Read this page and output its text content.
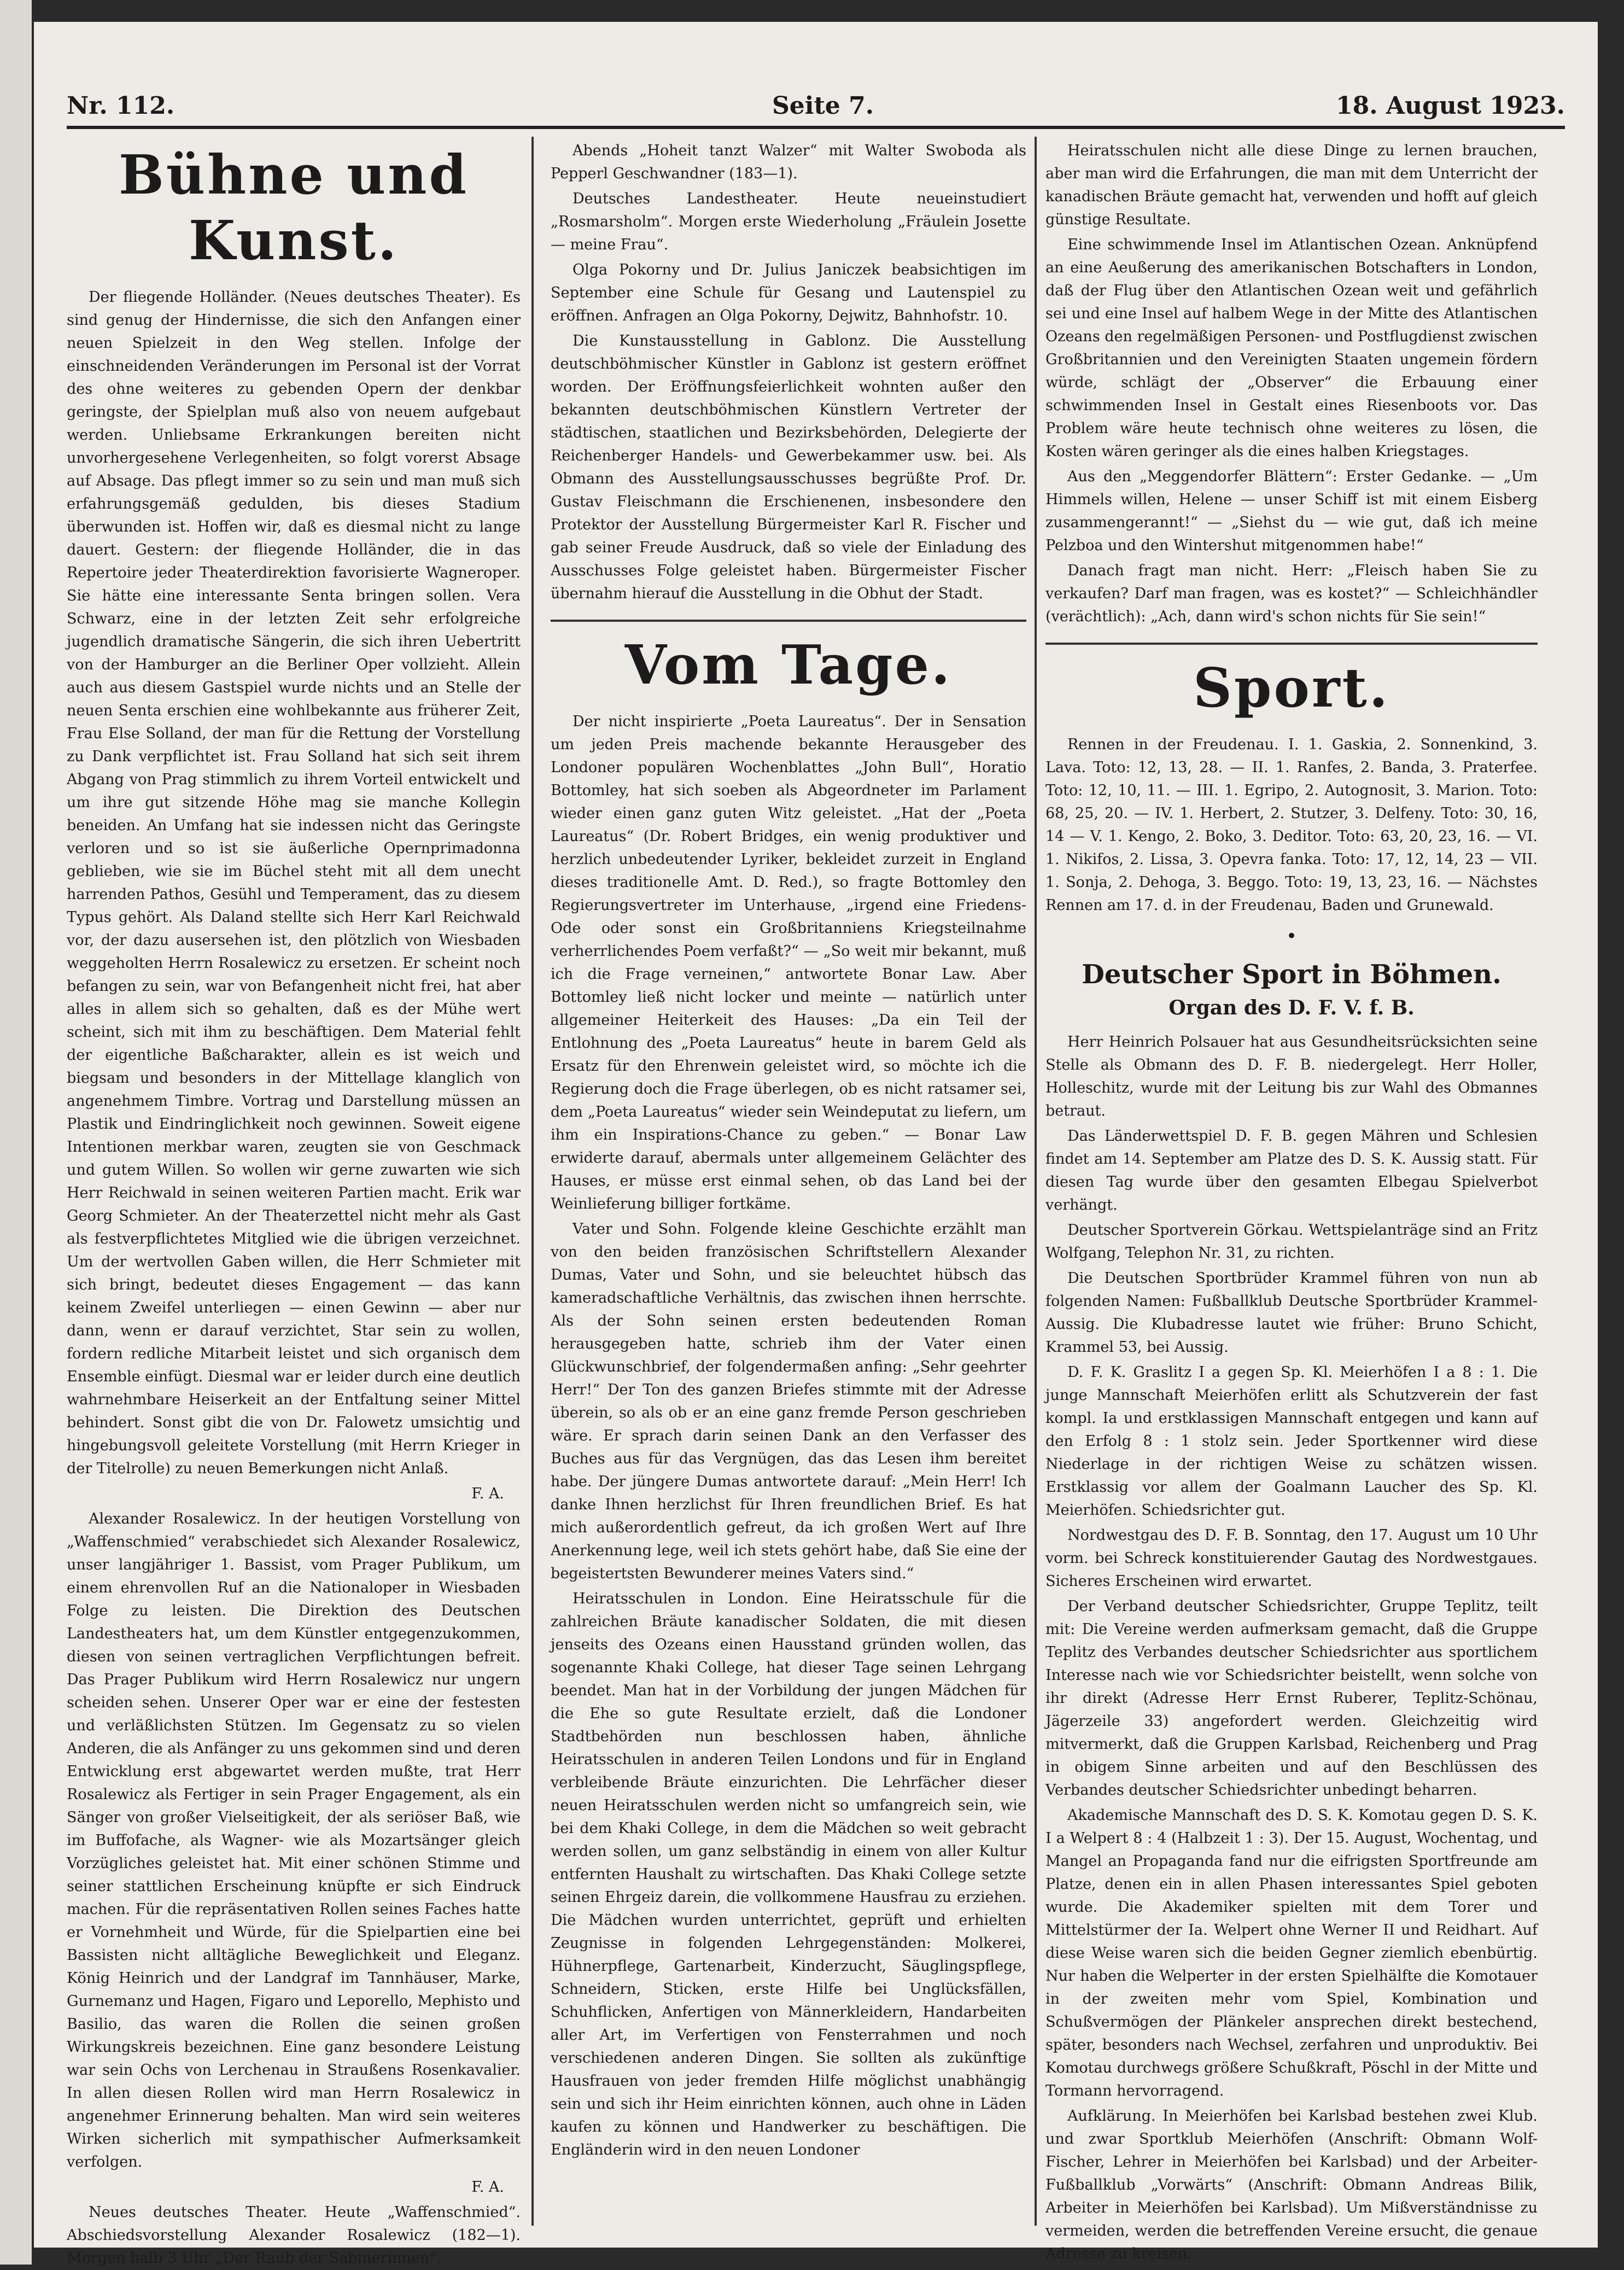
Nr. 112.	Seite 7.	18. August 1923.
Bühne und Kunst.

Der fliegende Holländer. (Neues deutsches Theater). Es sind genug der Hindernisse, die sich den Anfangen einer neuen Spielzeit in den Weg stellen. Infolge der einschneidenden Veränderungen im Personal ist der Vorrat des ohne weiteres zu gebenden Opern der denkbar geringste, der Spielplan muß also von neuem aufgebaut werden. Unliebsame Erkrankungen bereiten nicht unvorhergesehene Verlegenheiten, so folgt vorerst Absage auf Absage. Das pflegt immer so zu sein und man muß sich erfahrungsgemäß gedulden, bis dieses Stadium überwunden ist. Hoffen wir, daß es diesmal nicht zu lange dauert. Gestern: der fliegende Holländer, die in das Repertoire jeder Theaterdirektion favorisierte Wagneroper. Sie hätte eine interessante Senta bringen sollen. Vera Schwarz, eine in der letzten Zeit sehr erfolgreiche jugendlich dramatische Sängerin, die sich ihren Uebertritt von der Hamburger an die Berliner Oper vollzieht. Allein auch aus diesem Gastspiel wurde nichts und an Stelle der neuen Senta erschien eine wohlbekannte aus früherer Zeit, Frau Else Solland, der man für die Rettung der Vorstellung zu Dank verpflichtet ist. Frau Solland hat sich seit ihrem Abgang von Prag stimmlich zu ihrem Vorteil entwickelt und um ihre gut sitzende Höhe mag sie manche Kollegin beneiden. An Umfang hat sie indessen nicht das Geringste verloren und so ist sie äußerliche Opernprimadonna geblieben, wie sie im Büchel steht mit all dem unecht harrenden Pathos, Gesühl und Temperament, das zu diesem Typus gehört. Als Daland stellte sich Herr Karl Reichwald vor, der dazu ausersehen ist, den plötzlich von Wiesbaden weggeholten Herrn Rosalewicz zu ersetzen. Er scheint noch befangen zu sein, war von Befangenheit nicht frei, hat aber alles in allem sich so gehalten, daß es der Mühe wert scheint, sich mit ihm zu beschäftigen. Dem Material fehlt der eigentliche Baßcharakter, allein es ist weich und biegsam und besonders in der Mittellage klanglich von angenehmem Timbre. Vortrag und Darstellung müssen an Plastik und Eindringlichkeit noch gewinnen. Soweit eigene Intentionen merkbar waren, zeugten sie von Geschmack und gutem Willen. So wollen wir gerne zuwarten wie sich Herr Reichwald in seinen weiteren Partien macht. Erik war Georg Schmieter. An der Theaterzettel nicht mehr als Gast als festverpflichtetes Mitglied wie die übrigen verzeichnet. Um der wertvollen Gaben willen, die Herr Schmieter mit sich bringt, bedeutet dieses Engagement — das kann keinem Zweifel unterliegen — einen Gewinn — aber nur dann, wenn er darauf verzichtet, Star sein zu wollen, fordern redliche Mitarbeit leistet und sich organisch dem Ensemble einfügt. Diesmal war er leider durch eine deutlich wahrnehmbare Heiserkeit an der Entfaltung seiner Mittel behindert. Sonst gibt die von Dr. Falowetz umsichtig und hingebungsvoll geleitete Vorstellung (mit Herrn Krieger in der Titelrolle) zu neuen Bemerkungen nicht Anlaß.

F. A.

Alexander Rosalewicz. In der heutigen Vorstellung von „Waffenschmied“ verabschiedet sich Alexander Rosalewicz, unser langjähriger 1. Bassist, vom Prager Publikum, um einem ehrenvollen Ruf an die Nationaloper in Wiesbaden Folge zu leisten. Die Direktion des Deutschen Landestheaters hat, um dem Künstler entgegenzukommen, diesen von seinen vertraglichen Verpflichtungen befreit. Das Prager Publikum wird Herrn Rosalewicz nur ungern scheiden sehen. Unserer Oper war er eine der festesten und verläßlichsten Stützen. Im Gegensatz zu so vielen Anderen, die als Anfänger zu uns gekommen sind und deren Entwicklung erst abgewartet werden mußte, trat Herr Rosalewicz als Fertiger in sein Prager Engagement, als ein Sänger von großer Vielseitigkeit, der als seriöser Baß, wie im Buffofache, als Wagner- wie als Mozartsänger gleich Vorzügliches geleistet hat. Mit einer schönen Stimme und seiner stattlichen Erscheinung knüpfte er sich Eindruck machen. Für die repräsentativen Rollen seines Faches hatte er Vornehmheit und Würde, für die Spielpartien eine bei Bassisten nicht alltägliche Beweglichkeit und Eleganz. König Heinrich und der Landgraf im Tannhäuser, Marke, Gurnemanz und Hagen, Figaro und Leporello, Mephisto und Basilio, das waren die Rollen die seinen großen Wirkungskreis bezeichnen. Eine ganz besondere Leistung war sein Ochs von Lerchenau in Straußens Rosenkavalier. In allen diesen Rollen wird man Herrn Rosalewicz in angenehmer Erinnerung behalten. Man wird sein weiteres Wirken sicherlich mit sympathischer Aufmerksamkeit verfolgen.

F. A.

Neues deutsches Theater. Heute „Waffenschmied“. Abschiedsvorstellung Alexander Rosalewicz (182—1). Morgen halb 3 Uhr „Der Raub der Sabinerinnen“.

Abends „Hoheit tanzt Walzer“ mit Walter Swoboda als Pepperl Geschwandner (183—1).

Deutsches Landestheater. Heute neueinstudiert „Rosmarsholm“. Morgen erste Wiederholung „Fräulein Josette — meine Frau“.

Olga Pokorny und Dr. Julius Janiczek beabsichtigen im September eine Schule für Gesang und Lautenspiel zu eröffnen. Anfragen an Olga Pokorny, Dejwitz, Bahnhofstr. 10.

Die Kunstausstellung in Gablonz. Die Ausstellung deutschböhmischer Künstler in Gablonz ist gestern eröffnet worden. Der Eröffnungsfeierlichkeit wohnten außer den bekannten deutschböhmischen Künstlern Vertreter der städtischen, staatlichen und Bezirksbehörden, Delegierte der Reichenberger Handels- und Gewerbekammer usw. bei. Als Obmann des Ausstellungsausschusses begrüßte Prof. Dr. Gustav Fleischmann die Erschienenen, insbesondere den Protektor der Ausstellung Bürgermeister Karl R. Fischer und gab seiner Freude Ausdruck, daß so viele der Einladung des Ausschusses Folge geleistet haben. Bürgermeister Fischer übernahm hierauf die Ausstellung in die Obhut der Stadt.

Vom Tage.

Der nicht inspirierte „Poeta Laureatus“. Der in Sensation um jeden Preis machende bekannte Herausgeber des Londoner populären Wochenblattes „John Bull“, Horatio Bottomley, hat sich soeben als Abgeordneter im Parlament wieder einen ganz guten Witz geleistet. „Hat der „Poeta Laureatus“ (Dr. Robert Bridges, ein wenig produktiver und herzlich unbedeutender Lyriker, bekleidet zurzeit in England dieses traditionelle Amt. D. Red.), so fragte Bottomley den Regierungsvertreter im Unterhause, „irgend eine Friedens-Ode oder sonst ein Großbritanniens Kriegsteilnahme verherrlichendes Poem verfaßt?“ — „So weit mir bekannt, muß ich die Frage verneinen,“ antwortete Bonar Law. Aber Bottomley ließ nicht locker und meinte — natürlich unter allgemeiner Heiterkeit des Hauses: „Da ein Teil der Entlohnung des „Poeta Laureatus“ heute in barem Geld als Ersatz für den Ehrenwein geleistet wird, so möchte ich die Regierung doch die Frage überlegen, ob es nicht ratsamer sei, dem „Poeta Laureatus“ wieder sein Weindeputat zu liefern, um ihm ein Inspirations-Chance zu geben.“ — Bonar Law erwiderte darauf, abermals unter allgemeinem Gelächter des Hauses, er müsse erst einmal sehen, ob das Land bei der Weinlieferung billiger fortkäme.

Vater und Sohn. Folgende kleine Geschichte erzählt man von den beiden französischen Schriftstellern Alexander Dumas, Vater und Sohn, und sie beleuchtet hübsch das kameradschaftliche Verhältnis, das zwischen ihnen herrschte. Als der Sohn seinen ersten bedeutenden Roman herausgegeben hatte, schrieb ihm der Vater einen Glückwunschbrief, der folgendermaßen anfing: „Sehr geehrter Herr!“ Der Ton des ganzen Briefes stimmte mit der Adresse überein, so als ob er an eine ganz fremde Person geschrieben wäre. Er sprach darin seinen Dank an den Verfasser des Buches aus für das Vergnügen, das das Lesen ihm bereitet habe. Der jüngere Dumas antwortete darauf: „Mein Herr! Ich danke Ihnen herzlichst für Ihren freundlichen Brief. Es hat mich außerordentlich gefreut, da ich großen Wert auf Ihre Anerkennung lege, weil ich stets gehört habe, daß Sie eine der begeistertsten Bewunderer meines Vaters sind.“

Heiratsschulen in London. Eine Heiratsschule für die zahlreichen Bräute kanadischer Soldaten, die mit diesen jenseits des Ozeans einen Hausstand gründen wollen, das sogenannte Khaki College, hat dieser Tage seinen Lehrgang beendet. Man hat in der Vorbildung der jungen Mädchen für die Ehe so gute Resultate erzielt, daß die Londoner Stadtbehörden nun beschlossen haben, ähnliche Heiratsschulen in anderen Teilen Londons und für in England verbleibende Bräute einzurichten. Die Lehrfächer dieser neuen Heiratsschulen werden nicht so umfangreich sein, wie bei dem Khaki College, in dem die Mädchen so weit gebracht werden sollen, um ganz selbständig in einem von aller Kultur entfernten Haushalt zu wirtschaften. Das Khaki College setzte seinen Ehrgeiz darein, die vollkommene Hausfrau zu erziehen. Die Mädchen wurden unterrichtet, geprüft und erhielten Zeugnisse in folgenden Lehrgegenständen: Molkerei, Hühnerpflege, Gartenarbeit, Kinderzucht, Säuglingspflege, Schneidern, Sticken, erste Hilfe bei Unglücksfällen, Schuhflicken, Anfertigen von Männerkleidern, Handarbeiten aller Art, im Verfertigen von Fensterrahmen und noch verschiedenen anderen Dingen. Sie sollten als zukünftige Hausfrauen von jeder fremden Hilfe möglichst unabhängig sein und sich ihr Heim einrichten können, auch ohne in Läden kaufen zu können und Handwerker zu beschäftigen. Die Engländerin wird in den neuen Londoner

Heiratsschulen nicht alle diese Dinge zu lernen brauchen, aber man wird die Erfahrungen, die man mit dem Unterricht der kanadischen Bräute gemacht hat, verwenden und hofft auf gleich günstige Resultate.

Eine schwimmende Insel im Atlantischen Ozean. Anknüpfend an eine Aeußerung des amerikanischen Botschafters in London, daß der Flug über den Atlantischen Ozean weit und gefährlich sei und eine Insel auf halbem Wege in der Mitte des Atlantischen Ozeans den regelmäßigen Personen- und Postflugdienst zwischen Großbritannien und den Vereinigten Staaten ungemein fördern würde, schlägt der „Observer“ die Erbauung einer schwimmenden Insel in Gestalt eines Riesenboots vor. Das Problem wäre heute technisch ohne weiteres zu lösen, die Kosten wären geringer als die eines halben Kriegstages.

Aus den „Meggendorfer Blättern“: Erster Gedanke. — „Um Himmels willen, Helene — unser Schiff ist mit einem Eisberg zusammengerannt!“ — „Siehst du — wie gut, daß ich meine Pelzboa und den Wintershut mitgenommen habe!“

Danach fragt man nicht. Herr: „Fleisch haben Sie zu verkaufen? Darf man fragen, was es kostet?“ — Schleichhändler (verächtlich): „Ach, dann wird's schon nichts für Sie sein!“

Sport.

Rennen in der Freudenau. I. 1. Gaskia, 2. Sonnenkind, 3. Lava. Toto: 12, 13, 28. — II. 1. Ranfes, 2. Banda, 3. Praterfee. Toto: 12, 10, 11. — III. 1. Egripo, 2. Autognosit, 3. Marion. Toto: 68, 25, 20. — IV. 1. Herbert, 2. Stutzer, 3. Delfeny. Toto: 30, 16, 14 — V. 1. Kengo, 2. Boko, 3. Deditor. Toto: 63, 20, 23, 16. — VI. 1. Nikifos, 2. Lissa, 3. Opevra fanka. Toto: 17, 12, 14, 23 — VII. 1. Sonja, 2. Dehoga, 3. Beggo. Toto: 19, 13, 23, 16. — Nächstes Rennen am 17. d. in der Freudenau, Baden und Grunewald.

•
Deutscher Sport in Böhmen.
Organ des D. F. V. f. B.

Herr Heinrich Polsauer hat aus Gesundheitsrücksichten seine Stelle als Obmann des D. F. B. niedergelegt. Herr Holler, Holleschitz, wurde mit der Leitung bis zur Wahl des Obmannes betraut.

Das Länderwettspiel D. F. B. gegen Mähren und Schlesien findet am 14. September am Platze des D. S. K. Aussig statt. Für diesen Tag wurde über den gesamten Elbegau Spielverbot verhängt.

Deutscher Sportverein Görkau. Wettspielanträge sind an Fritz Wolfgang, Telephon Nr. 31, zu richten.

Die Deutschen Sportbrüder Krammel führen von nun ab folgenden Namen: Fußballklub Deutsche Sportbrüder Krammel-Aussig. Die Klubadresse lautet wie früher: Bruno Schicht, Krammel 53, bei Aussig.

D. F. K. Graslitz I a gegen Sp. Kl. Meierhöfen I a 8 : 1. Die junge Mannschaft Meierhöfen erlitt als Schutzverein der fast kompl. Ia und erstklassigen Mannschaft entgegen und kann auf den Erfolg 8 : 1 stolz sein. Jeder Sportkenner wird diese Niederlage in der richtigen Weise zu schätzen wissen. Erstklassig vor allem der Goalmann Laucher des Sp. Kl. Meierhöfen. Schiedsrichter gut.

Nordwestgau des D. F. B. Sonntag, den 17. August um 10 Uhr vorm. bei Schreck konstituierender Gautag des Nordwestgaues. Sicheres Erscheinen wird erwartet.

Der Verband deutscher Schiedsrichter, Gruppe Teplitz, teilt mit: Die Vereine werden aufmerksam gemacht, daß die Gruppe Teplitz des Verbandes deutscher Schiedsrichter aus sportlichem Interesse nach wie vor Schiedsrichter beistellt, wenn solche von ihr direkt (Adresse Herr Ernst Ruberer, Teplitz-Schönau, Jägerzeile 33) angefordert werden. Gleichzeitig wird mitvermerkt, daß die Gruppen Karlsbad, Reichenberg und Prag in obigem Sinne arbeiten und auf den Beschlüssen des Verbandes deutscher Schiedsrichter unbedingt beharren.

Akademische Mannschaft des D. S. K. Komotau gegen D. S. K. I a Welpert 8 : 4 (Halbzeit 1 : 3). Der 15. August, Wochentag, und Mangel an Propaganda fand nur die eifrigsten Sportfreunde am Platze, denen ein in allen Phasen interessantes Spiel geboten wurde. Die Akademiker spielten mit dem Torer und Mittelstürmer der Ia. Welpert ohne Werner II und Reidhart. Auf diese Weise waren sich die beiden Gegner ziemlich ebenbürtig. Nur haben die Welperter in der ersten Spielhälfte die Komotauer in der zweiten mehr vom Spiel, Kombination und Schußvermögen der Plänkeler ansprechen direkt bestechend, später, besonders nach Wechsel, zerfahren und unproduktiv. Bei Komotau durchwegs größere Schußkraft, Pöschl in der Mitte und Tormann hervorragend.

Aufklärung. In Meierhöfen bei Karlsbad bestehen zwei Klub. und zwar Sportklub Meierhöfen (Anschrift: Obmann Wolf-Fischer, Lehrer in Meierhöfen bei Karlsbad) und der Arbeiter-Fußballklub „Vorwärts“ (Anschrift: Obmann Andreas Bilik, Arbeiter in Meierhöfen bei Karlsbad). Um Mißverständnisse zu vermeiden, werden die betreffenden Vereine ersucht, die genaue Adresse zu kreisen.
